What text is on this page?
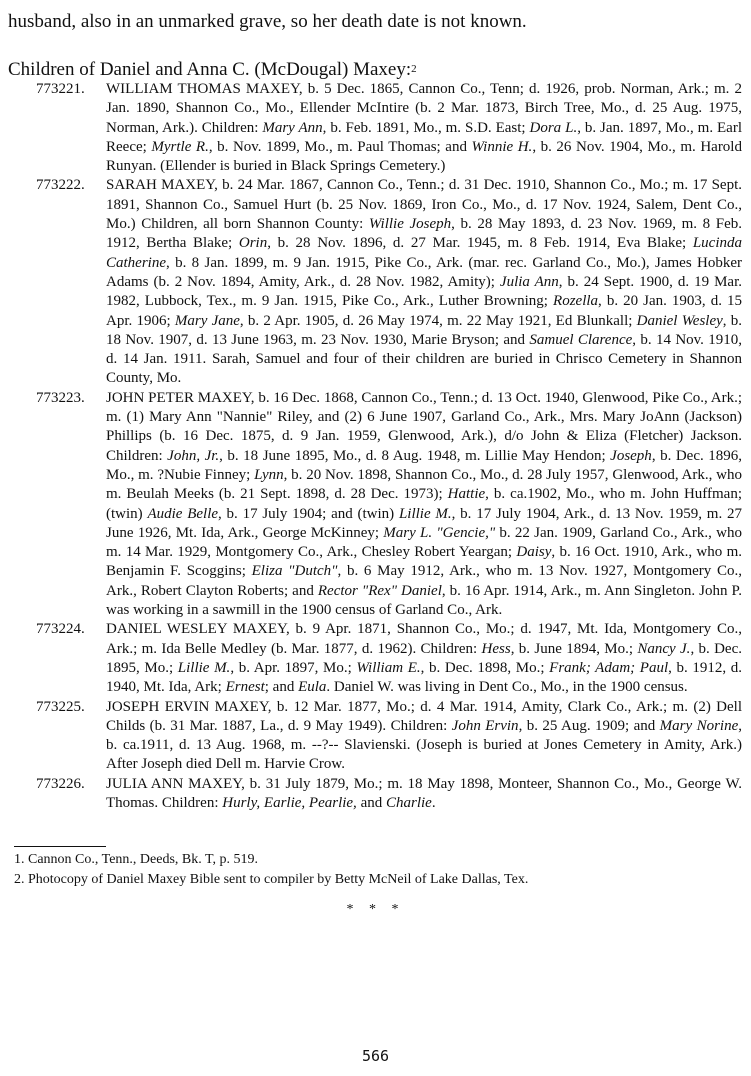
husband, also in an unmarked grave, so her death date is not known.
Children of Daniel and Anna C. (McDougal) Maxey:$^2$
773221.	WILLIAM THOMAS MAXEY, b. 5 Dec. 1865, Cannon Co., Tenn; d. 1926, prob. Norman, Ark.; m. 2 Jan. 1890, Shannon Co., Mo., Ellender McIntire (b. 2 Mar. 1873, Birch Tree, Mo., d. 25 Aug. 1975, Norman, Ark.). Children: Mary Ann, b. Feb. 1891, Mo., m. S.D. East; Dora L., b. Jan. 1897, Mo., m. Earl Reece; Myrtle R., b. Nov. 1899, Mo., m. Paul Thomas; and Winnie H., b. 26 Nov. 1904, Mo., m. Harold Runyan. (Ellender is buried in Black Springs Cemetery.)
773222.	SARAH MAXEY, b. 24 Mar. 1867, Cannon Co., Tenn.; d. 31 Dec. 1910, Shannon Co., Mo.; m. 17 Sept. 1891, Shannon Co., Samuel Hurt (b. 25 Nov. 1869, Iron Co., Mo., d. 17 Nov. 1924, Salem, Dent Co., Mo.) Children, all born Shannon County: Willie Joseph, b. 28 May 1893, d. 23 Nov. 1969, m. 8 Feb. 1912, Bertha Blake; Orin, b. 28 Nov. 1896, d. 27 Mar. 1945, m. 8 Feb. 1914, Eva Blake; Lucinda Catherine, b. 8 Jan. 1899, m. 9 Jan. 1915, Pike Co., Ark. (mar. rec. Garland Co., Mo.), James Hobker Adams (b. 2 Nov. 1894, Amity, Ark., d. 28 Nov. 1982, Amity); Julia Ann, b. 24 Sept. 1900, d. 19 Mar. 1982, Lubbock, Tex., m. 9 Jan. 1915, Pike Co., Ark., Luther Browning; Rozella, b. 20 Jan. 1903, d. 15 Apr. 1906; Mary Jane, b. 2 Apr. 1905, d. 26 May 1974, m. 22 May 1921, Ed Blunkall; Daniel Wesley, b. 18 Nov. 1907, d. 13 June 1963, m. 23 Nov. 1930, Marie Bryson; and Samuel Clarence, b. 14 Nov. 1910, d. 14 Jan. 1911. Sarah, Samuel and four of their children are buried in Chrisco Cemetery in Shannon County, Mo.
773223.	JOHN PETER MAXEY, b. 16 Dec. 1868, Cannon Co., Tenn.; d. 13 Oct. 1940, Glenwood, Pike Co., Ark.; m. (1) Mary Ann "Nannie" Riley, and (2) 6 June 1907, Garland Co., Ark., Mrs. Mary JoAnn (Jackson) Phillips (b. 16 Dec. 1875, d. 9 Jan. 1959, Glenwood, Ark.), d/o John & Eliza (Fletcher) Jackson. Children: John, Jr., b. 18 June 1895, Mo., d. 8 Aug. 1948, m. Lillie May Hendon; Joseph, b. Dec. 1896, Mo., m. ?Nubie Finney; Lynn, b. 20 Nov. 1898, Shannon Co., Mo., d. 28 July 1957, Glenwood, Ark., who m. Beulah Meeks (b. 21 Sept. 1898, d. 28 Dec. 1973); Hattie, b. ca.1902, Mo., who m. John Huffman; (twin) Audie Belle, b. 17 July 1904; and (twin) Lillie M., b. 17 July 1904, Ark., d. 13 Nov. 1959, m. 27 June 1926, Mt. Ida, Ark., George McKinney; Mary L. "Gencie," b. 22 Jan. 1909, Garland Co., Ark., who m. 14 Mar. 1929, Montgomery Co., Ark., Chesley Robert Yeargan; Daisy, b. 16 Oct. 1910, Ark., who m. Benjamin F. Scoggins; Eliza "Dutch", b. 6 May 1912, Ark., who m. 13 Nov. 1927, Montgomery Co., Ark., Robert Clayton Roberts; and Rector "Rex" Daniel, b. 16 Apr. 1914, Ark., m. Ann Singleton. John P. was working in a sawmill in the 1900 census of Garland Co., Ark.
773224.	DANIEL WESLEY MAXEY, b. 9 Apr. 1871, Shannon Co., Mo.; d. 1947, Mt. Ida, Montgomery Co., Ark.; m. Ida Belle Medley (b. Mar. 1877, d. 1962). Children: Hess, b. June 1894, Mo.; Nancy J., b. Dec. 1895, Mo.; Lillie M., b. Apr. 1897, Mo.; William E., b. Dec. 1898, Mo.; Frank; Adam; Paul, b. 1912, d. 1940, Mt. Ida, Ark; Ernest; and Eula. Daniel W. was living in Dent Co., Mo., in the 1900 census.
773225.	JOSEPH ERVIN MAXEY, b. 12 Mar. 1877, Mo.; d. 4 Mar. 1914, Amity, Clark Co., Ark.; m. (2) Dell Childs (b. 31 Mar. 1887, La., d. 9 May 1949). Children: John Ervin, b. 25 Aug. 1909; and Mary Norine, b. ca.1911, d. 13 Aug. 1968, m. --?-- Slavienski. (Joseph is buried at Jones Cemetery in Amity, Ark.) After Joseph died Dell m. Harvie Crow.
773226.	JULIA ANN MAXEY, b. 31 July 1879, Mo.; m. 18 May 1898, Monteer, Shannon Co., Mo., George W. Thomas. Children: Hurly, Earlie, Pearlie, and Charlie.
1. Cannon Co., Tenn., Deeds, Bk. T, p. 519.
2. Photocopy of Daniel Maxey Bible sent to compiler by Betty McNeil of Lake Dallas, Tex.
* * *
566
